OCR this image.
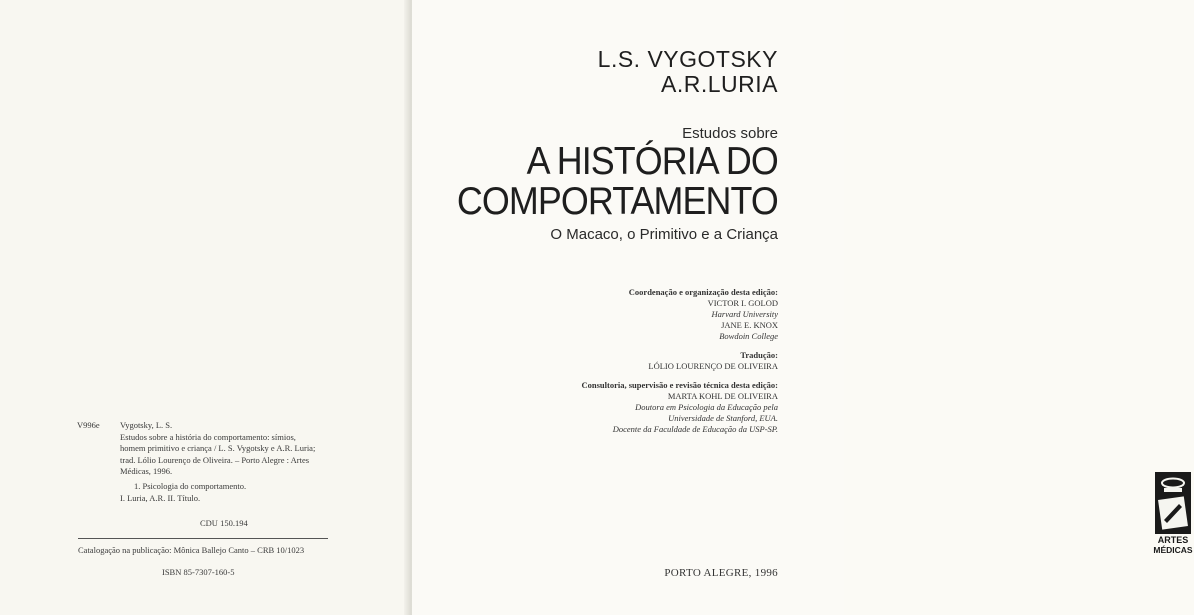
V996e Vygotsky, L. S.

Estudos sobre a história do comportamento: símios,
homem primitivo e criança / L. S. Vygotsky e A.R. Luria;
trad. Lólio Lourenço de Oliveira. – Porto Alegre : Artes
Médicas, 1996.
1. Psicologia do comportamento.
I. Luria, A.R. II. Título.
CDU 150.194
Catalogação na publicação: Mônica Ballejo Canto – CRB 10/1023
ISBN 85-7307-160-5
L.S. VYGOTSKY
A.R.LURIA
Estudos sobre
A HISTÓRIA DO
COMPORTAMENTO
O Macaco, o Primitivo e a Criança
Coordenação e organização desta edição:
VICTOR I. GOLOD
Harvard University
JANE E. KNOX
Bowdoin College
Tradução:
LÓLIO LOURENÇO DE OLIVEIRA
Consultoria, supervisão e revisão técnica desta edição:
MARTA KOHL DE OLIVEIRA
Doutora em Psicologia da Educação pela
Universidade de Stanford, EUA.
Docente da Faculdade de Educação da USP-SP.
ARTES
MÉDICAS
PORTO ALEGRE, 1996
